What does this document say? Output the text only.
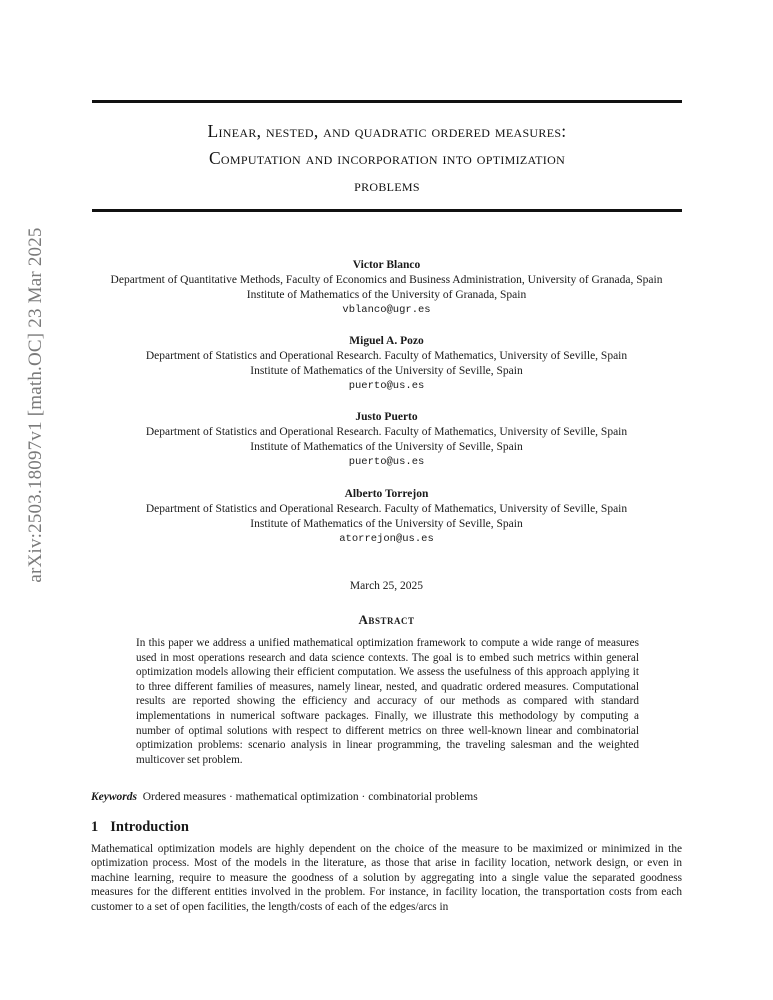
arXiv:2503.18097v1 [math.OC] 23 Mar 2025
Linear, nested, and quadratic ordered measures:
Computation and incorporation into optimization
problems
Victor Blanco
Department of Quantitative Methods, Faculty of Economics and Business Administration, University of Granada, Spain
Institute of Mathematics of the University of Granada, Spain
vblanco@ugr.es
Miguel A. Pozo
Department of Statistics and Operational Research. Faculty of Mathematics, University of Seville, Spain
Institute of Mathematics of the University of Seville, Spain
puerto@us.es
Justo Puerto
Department of Statistics and Operational Research. Faculty of Mathematics, University of Seville, Spain
Institute of Mathematics of the University of Seville, Spain
puerto@us.es
Alberto Torrejon
Department of Statistics and Operational Research. Faculty of Mathematics, University of Seville, Spain
Institute of Mathematics of the University of Seville, Spain
atorrejon@us.es
March 25, 2025
Abstract
In this paper we address a unified mathematical optimization framework to compute a wide range of measures used in most operations research and data science contexts. The goal is to embed such metrics within general optimization models allowing their efficient computation. We assess the usefulness of this approach applying it to three different families of measures, namely linear, nested, and quadratic ordered measures. Computational results are reported showing the efficiency and accuracy of our methods as compared with standard implementations in numerical software packages. Finally, we illustrate this methodology by computing a number of optimal solutions with respect to different metrics on three well-known linear and combinatorial optimization problems: scenario analysis in linear programming, the traveling salesman and the weighted multicover set problem.
Keywords Ordered measures · mathematical optimization · combinatorial problems
1 Introduction
Mathematical optimization models are highly dependent on the choice of the measure to be maximized or minimized in the optimization process. Most of the models in the literature, as those that arise in facility location, network design, or even in machine learning, require to measure the goodness of a solution by aggregating into a single value the separated goodness measures for the different entities involved in the problem. For instance, in facility location, the transportation costs from each customer to a set of open facilities, the length/costs of each of the edges/arcs in
